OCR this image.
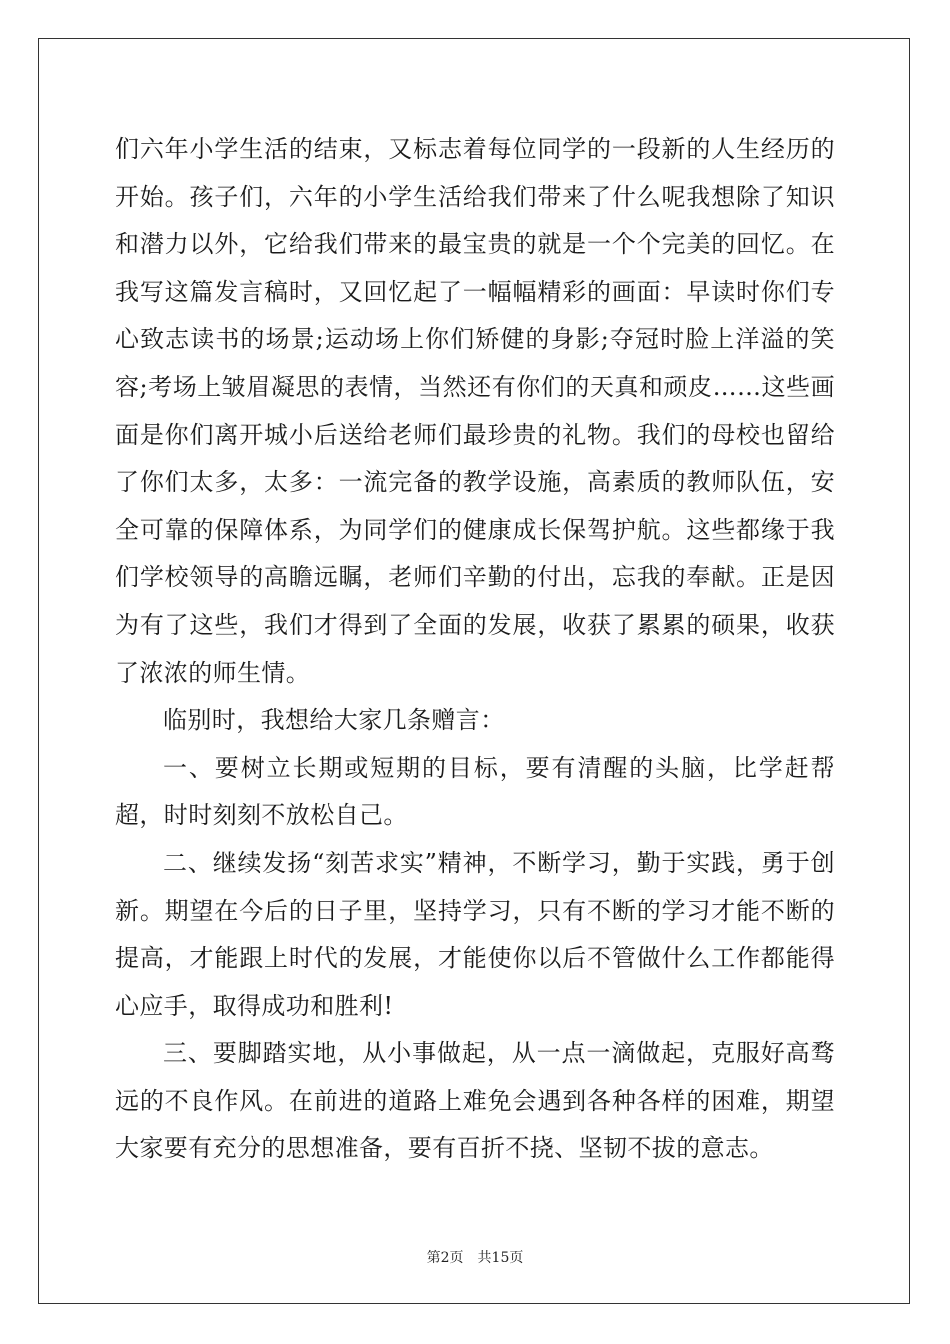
们六年小学生活的结束，又标志着每位同学的一段新的人生经历的开始。孩子们，六年的小学生活给我们带来了什么呢我想除了知识和潜力以外，它给我们带来的最宝贵的就是一个个完美的回忆。在我写这篇发言稿时，又回忆起了一幅幅精彩的画面：早读时你们专心致志读书的场景;运动场上你们矫健的身影;夺冠时脸上洋溢的笑容;考场上皱眉凝思的表情，当然还有你们的天真和顽皮……这些画面是你们离开城小后送给老师们最珍贵的礼物。我们的母校也留给了你们太多，太多：一流完备的教学设施，高素质的教师队伍，安全可靠的保障体系，为同学们的健康成长保驾护航。这些都缘于我们学校领导的高瞻远瞩，老师们辛勤的付出，忘我的奉献。正是因为有了这些，我们才得到了全面的发展，收获了累累的硕果，收获了浓浓的师生情。

临别时，我想给大家几条赠言：

一、要树立长期或短期的目标，要有清醒的头脑，比学赶帮超，时时刻刻不放松自己。

二、继续发扬“刻苦求实”精神，不断学习，勤于实践，勇于创新。期望在今后的日子里，坚持学习，只有不断的学习才能不断的提高，才能跟上时代的发展，才能使你以后不管做什么工作都能得心应手，取得成功和胜利!

三、要脚踏实地，从小事做起，从一点一滴做起，克服好高骛远的不良作风。在前进的道路上难免会遇到各种各样的困难，期望大家要有充分的思想准备，要有百折不挠、坚韧不拔的意志。

第2页 共15页
